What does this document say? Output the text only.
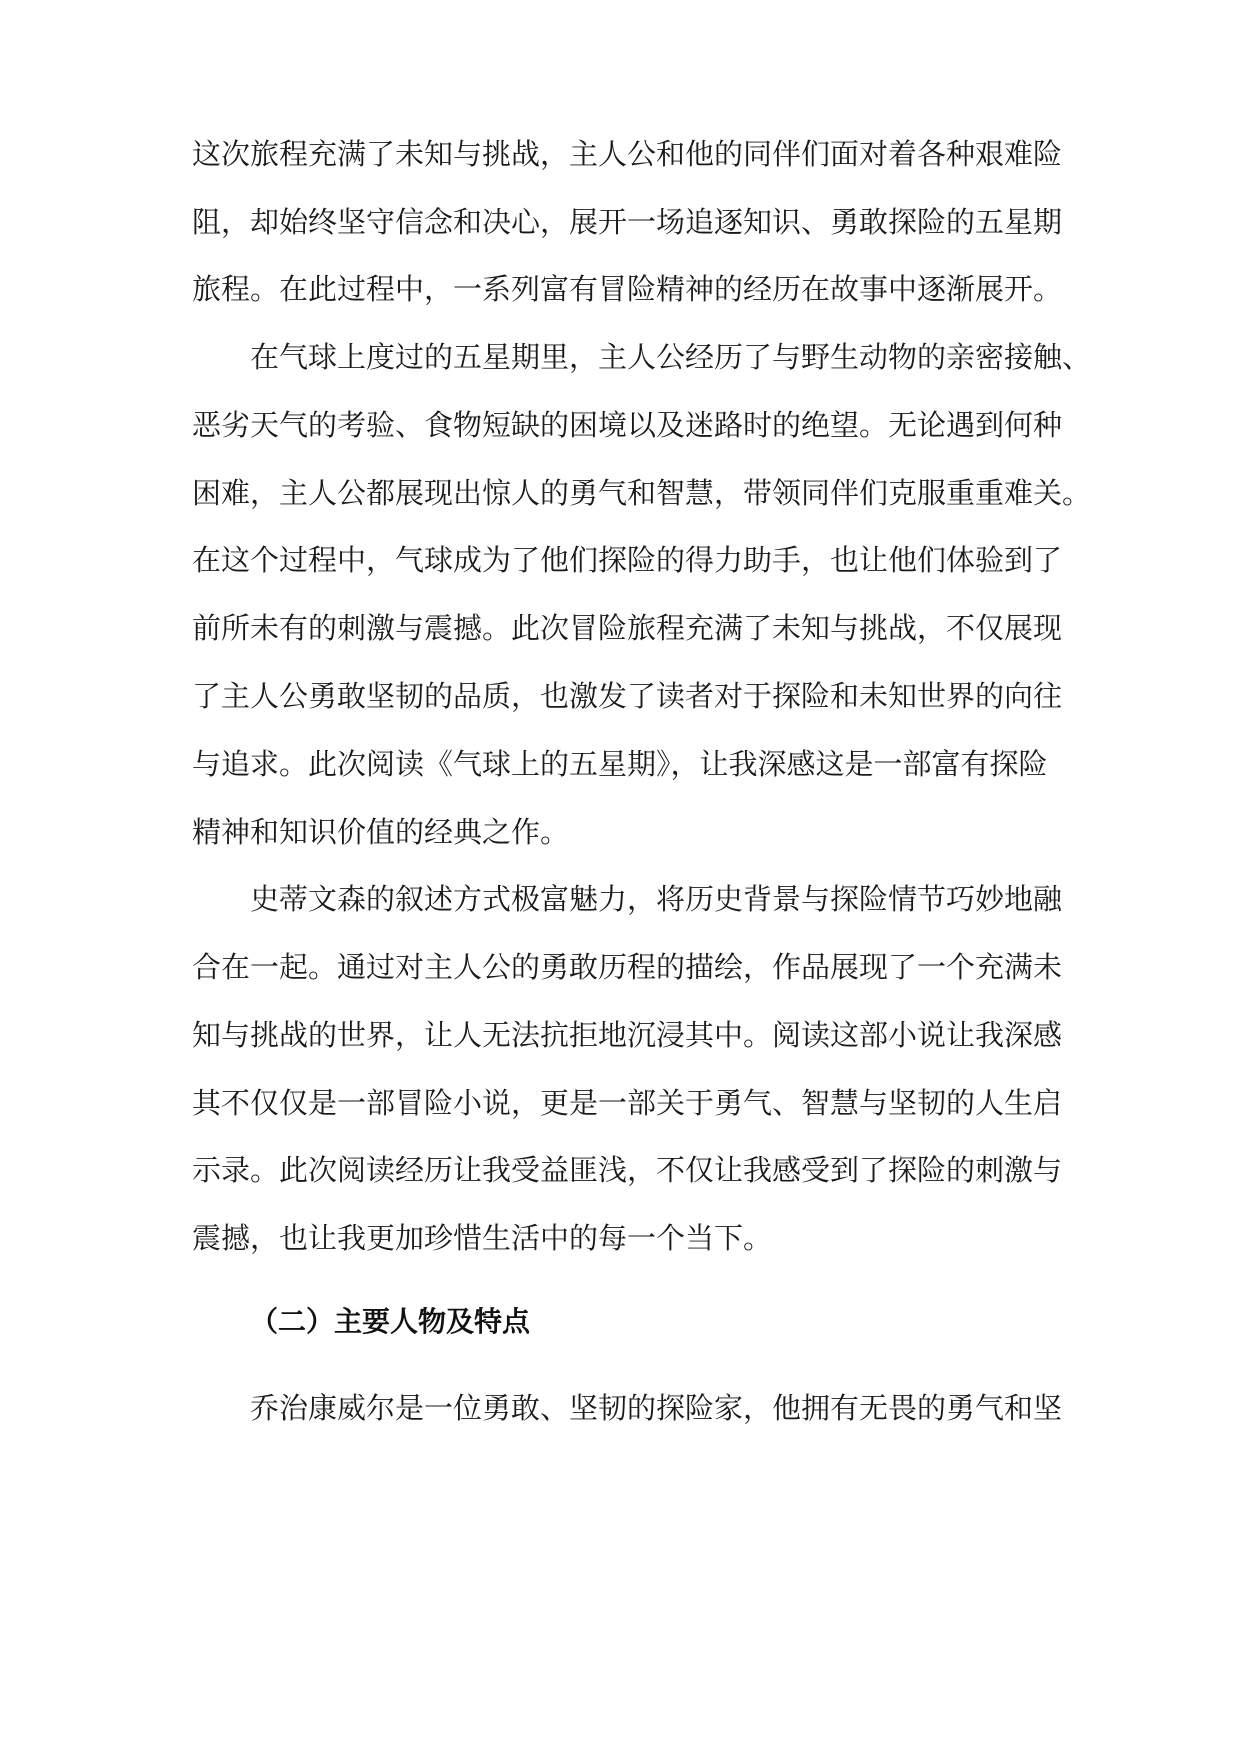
这次旅程充满了未知与挑战，主人公和他的同伴们面对着各种艰难险
阻，却始终坚守信念和决心，展开一场追逐知识、勇敢探险的五星期
旅程。在此过程中，一系列富有冒险精神的经历在故事中逐渐展开。
在气球上度过的五星期里，主人公经历了与野生动物的亲密接触、
恶劣天气的考验、食物短缺的困境以及迷路时的绝望。无论遇到何种
困难，主人公都展现出惊人的勇气和智慧，带领同伴们克服重重难关。
在这个过程中，气球成为了他们探险的得力助手，也让他们体验到了
前所未有的刺激与震撼。此次冒险旅程充满了未知与挑战，不仅展现
了主人公勇敢坚韧的品质，也激发了读者对于探险和未知世界的向往
与追求。此次阅读《气球上的五星期》，让我深感这是一部富有探险
精神和知识价值的经典之作。
史蒂文森的叙述方式极富魅力，将历史背景与探险情节巧妙地融
合在一起。通过对主人公的勇敢历程的描绘，作品展现了一个充满未
知与挑战的世界，让人无法抗拒地沉浸其中。阅读这部小说让我深感
其不仅仅是一部冒险小说，更是一部关于勇气、智慧与坚韧的人生启
示录。此次阅读经历让我受益匪浅，不仅让我感受到了探险的刺激与
震撼，也让我更加珍惜生活中的每一个当下。
（二）主要人物及特点
乔治康威尔是一位勇敢、坚韧的探险家，他拥有无畏的勇气和坚
